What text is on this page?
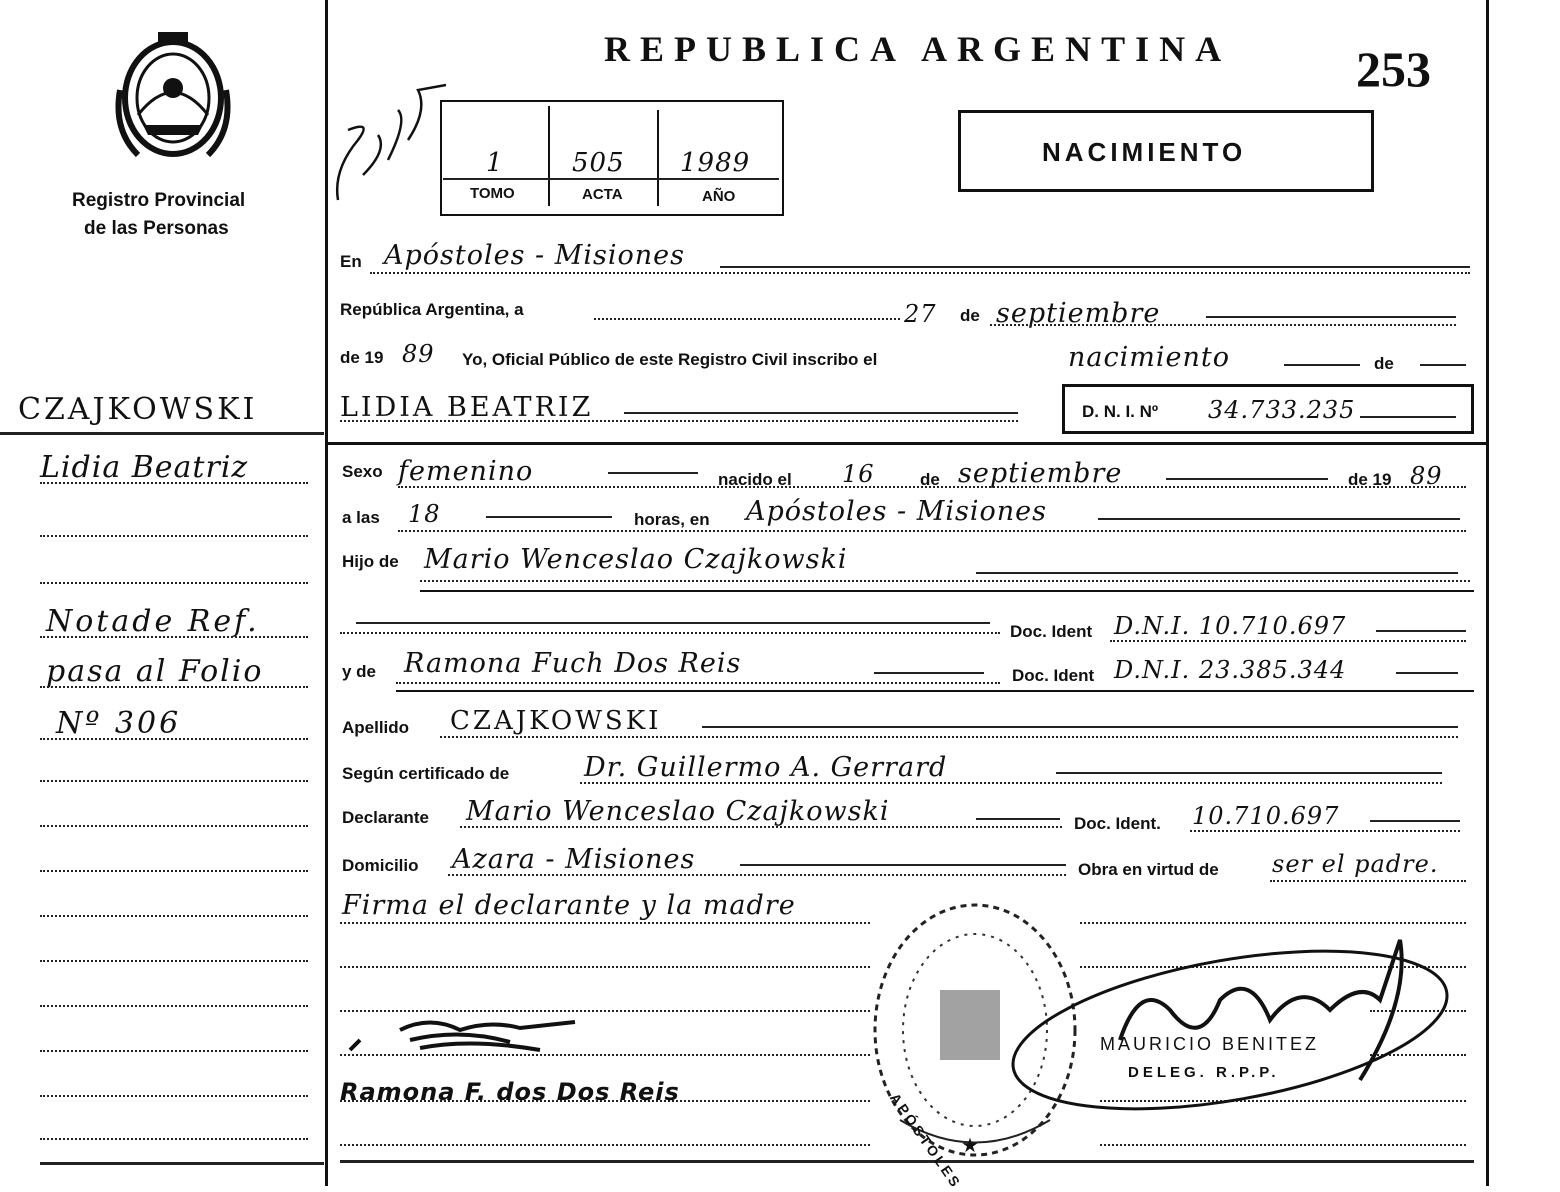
Registro Provincial
de las Personas
CZAJKOWSKI
Lidia Beatriz
Notade Ref.
pasa al Folio
Nº 306
REPUBLICA ARGENTINA 253
1	505 1989
TOMO	ACTA	AÑO
NACIMIENTO
En Apóstoles - Misiones
República Argentina, a	27 de septiembre
de 19 89 Yo, Oficial Público de este Registro Civil inscribo el	nacimiento	de
LIDIA BEATRIZ	D. N. I. Nº 34.733.235
Sexo femenino	nacido el 16	de septiembre	de 19 89
a las 18	horas, en Apóstoles - Misiones
Hijo de Mario Wenceslao Czajkowski
Doc. Ident D.N.I. 10.710.697
y de Ramona Fuch Dos Reis	Doc. Ident D.N.I. 23.385.344
Apellido CZAJKOWSKI
Según certificado de	Dr. Guillermo A. Gerrard
Declarante Mario Wenceslao Czajkowski	Doc. Ident. 10.710.697
Domicilio Azara - Misiones	Obra en virtud de ser el padre.
Firma el declarante y la madre
Ramona F. dos Dos Reis
★
APÓSTOLES
MAURICIO BENITEZ
DELEG. R.P.P.
